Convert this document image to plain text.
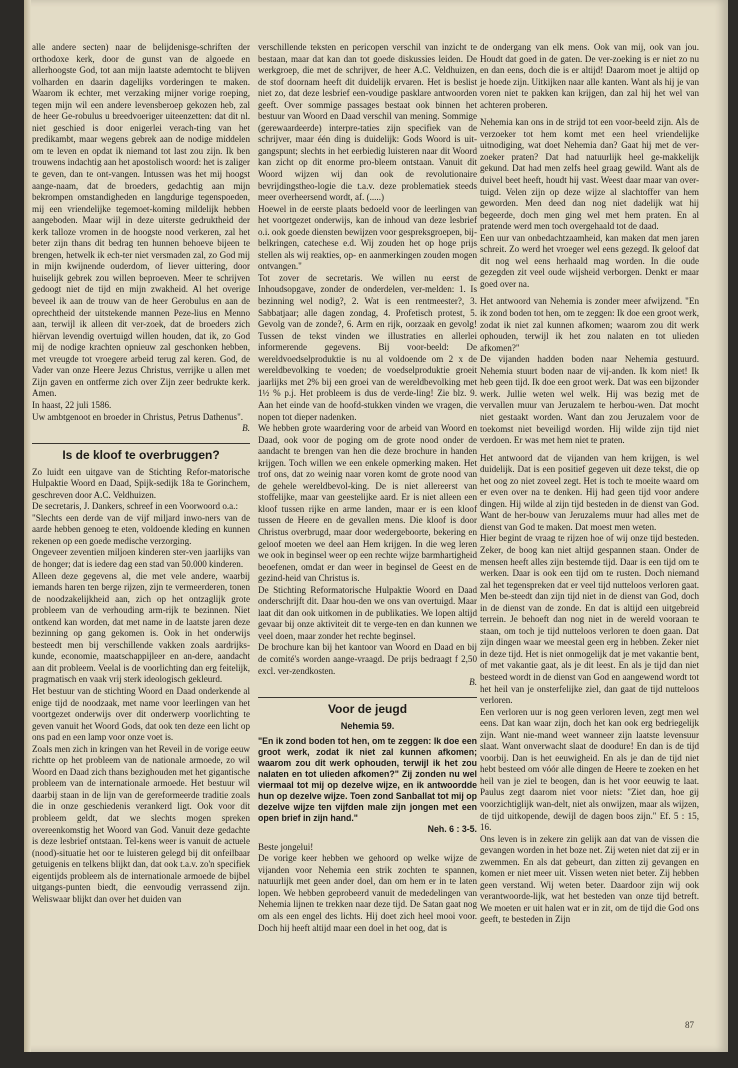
alle andere secten) naar de belijdenisge-schriften der orthodoxe kerk, door de gunst van de algoede en allerhoogste God, tot aan mijn laatste ademtocht te blijven volharden en daarin dagelijks vorderingen te maken. Waarom ik echter, met verzaking mijner vorige roeping, tegen mijn wil een andere levensberoep gekozen heb, zal de heer Ge-robulus u breedvoeriger uiteenzetten: dat dit nl. niet geschied is door enigerlei verach-ting van het predikambt, maar wegens gebrek aan de nodige middelen om te leven en opdat ik niemand tot last zou zijn. Ik ben trouwens indachtig aan het apostolisch woord: het is zaliger te geven, dan te ont-vangen. Intussen was het mij hoogst aange-naam, dat de broeders, gedachtig aan mijn bekrompen omstandigheden en langdurige tegenspoeden, mij een vriendelijke tegemoet-koming mildelijk hebben aangeboden. Maar wijl in deze uiterste gedruktheid der kerk talloze vromen in de hoogste nood verkeren, zal het beter zijn thans dit bedrag ten hunnen behoeve bijeen te brengen, hetwelk ik ech-ter niet versmaden zal, zo God mij in mijn kwijnende ouderdom, of liever uittering, door huiselijk gebrek zou willen beproeven. Meer te schrijven gedoogt niet de tijd en mijn zwakheid. Al het overige beveel ik aan de trouw van de heer Gerobulus en aan de oprechtheid der uitstekende mannen Peze-lius en Menno aan, terwijl ik alleen dit ver-zoek, dat de broeders zich hiërvan levendig overtuigd willen houden, dat ik, zo God mij de nodige krachten opnieuw zal geschonken hebben, met vreugde tot vroegere arbeid terug zal keren. God, de Vader van onze Heere Jezus Christus, verrijke u allen met Zijn gaven en ontferme zich over Zijn zeer bedrukte kerk. Amen.

In haast, 22 juli 1586.

Uw ambtgenoot en broeder in Christus, Petrus Dathenus".

B.

Is de kloof te overbruggen?

Zo luidt een uitgave van de Stichting Refor-matorische Hulpaktie Woord en Daad, Spijk-sedijk 18a te Gorinchem, geschreven door A.C. Veldhuizen.

De secretaris, J. Dankers, schreef in een Voorwoord o.a.:

"Slechts een derde van de vijf miljard inwo-ners van de aarde hebben genoeg te eten, voldoende kleding en kunnen rekenen op een goede medische verzorging.

Ongeveer zeventien miljoen kinderen ster-ven jaarlijks van de honger; dat is iedere dag een stad van 50.000 kinderen.

Alleen deze gegevens al, die met vele andere, waarbij iemands haren ten berge rijzen, zijn te vermeerderen, tonen de noodzakelijkheid aan, zich op het ontzaglijk grote probleem van de verhouding arm-rijk te bezinnen. Niet ontkend kan worden, dat met name in de laatste jaren deze bezinning op gang gekomen is. Ook in het onderwijs besteedt men bij verschillende vakken zoals aardrijks-kunde, economie, maatschappijleer en an-dere, aandacht aan dit probleem. Veelal is de voorlichting dan erg feitelijk, pragmatisch en vaak vrij sterk ideologisch gekleurd.

Het bestuur van de stichting Woord en Daad onderkende al enige tijd de noodzaak, met name voor leerlingen van het voortgezet onderwijs over dit onderwerp voorlichting te geven vanuit het Woord Gods, dat ook ten deze een licht op ons pad en een lamp voor onze voet is.

Zoals men zich in kringen van het Reveil in de vorige eeuw richtte op het probleem van de nationale armoede, zo wil Woord en Daad zich thans bezighouden met het gigantische probleem van de internationale armoede. Het bestuur wil daarbij staan in de lijn van de gereformeerde traditie zoals die in onze geschiedenis verankerd ligt. Ook voor dit probleem geldt, dat we slechts mogen spreken overeenkomstig het Woord van God. Vanuit deze gedachte is deze lesbrief ontstaan. Tel-kens weer is vanuit de actuele (nood)-situatie het oor te luisteren gelegd bij dit onfeilbaar getuigenis en telkens blijkt dan, dat ook t.a.v. zo'n specifiek eigentijds probleem als de internationale armoede de bijbel uitgangs-punten biedt, die eenvoudig verrassend zijn. Weliswaar blijkt dan over het duiden van

verschillende teksten en pericopen verschil van inzicht te bestaan, maar dat kan dan tot goede diskussies leiden. De werkgroep, die met de schrijver, de heer A.C. Veldhuizen, de stof doornam heeft dit duidelijk ervaren. Het is beslist niet zo, dat deze lesbrief een-voudige pasklare antwoorden geeft. Over sommige passages bestaat ook binnen het bestuur van Woord en Daad verschil van mening. Sommige (gerewaardeerde) interpre-taties zijn specifiek van de schrijver, maar één ding is duidelijk: Gods Woord is uit-gangspunt; slechts in het eerbiedig luisteren naar dit Woord kan zicht op dit enorme pro-bleem ontstaan. Vanuit dit Woord wijzen wij dan ook de revolutionaire bevrijdingstheo-logie die t.a.v. deze problematiek steeds meer overheersend wordt, af. (.....)

Hoewel in de eerste plaats bedoeld voor de leerlingen van het voortgezet onderwijs, kan de inhoud van deze lesbrief o.i. ook goede diensten bewijzen voor gespreksgroepen, bij-belkringen, catechese e.d. Wij zouden het op hoge prijs stellen als wij reakties, op- en aanmerkingen zouden mogen ontvangen."

Tot zover de secretaris. We willen nu eerst de Inhoudsopgave, zonder de onderdelen, ver-melden: 1. Is bezinning wel nodig?, 2. Wat is een rentmeester?, 3. Sabbatjaar; alle dagen zondag, 4. Profetisch protest, 5. Gevolg van de zonde?, 6. Arm en rijk, oorzaak en gevolg! Tussen de tekst vinden we illustraties en allerlei informerende gegevens. Bij voor-beeld: De wereldvoedselproduktie is nu al voldoende om 2 x de wereldbevolking te voeden; de voedselproduktie groeit jaarlijks met 2% bij een groei van de wereldbevolking met 1½ % p.j. Het probleem is dus de verde-ling! Zie blz. 9. Aan het einde van de hoofd-stukken vinden we vragen, die nopen tot dieper nadenken.

We hebben grote waardering voor de arbeid van Woord en Daad, ook voor de poging om de grote nood onder de aandacht te brengen van hen die deze brochure in handen krijgen. Toch willen we een enkele opmerking maken. Het trof ons, dat zo weinig naar voren komt de grote nood van de gehele wereldbevol-king. De is niet allereerst van stoffelijke, maar van geestelijke aard. Er is niet alleen een kloof tussen rijke en arme landen, maar er is een kloof tussen de Heere en de gevallen mens. Die kloof is door Christus overbrugd, maar door wedergeboorte, bekering en geloof moeten we deel aan Hem krijgen. In die weg leren we ook in beginsel weer op een rechte wijze barmhartigheid beoefenen, omdat er dan weer in beginsel de Geest en de gezind-heid van Christus is.

De Stichting Reformatorische Hulpaktie Woord en Daad onderschrijft dit. Daar hou-den we ons van overtuigd. Maar laat dit dan ook uitkomen in de publikaties. We lopen altijd gevaar bij onze aktiviteit dit te verge-ten en dan kunnen we veel doen, maar zonder het rechte beginsel.

De brochure kan bij het kantoor van Woord en Daad en bij de comité's worden aange-vraagd. De prijs bedraagt f 2,50 excl. ver-zendkosten.

B.

Voor de jeugd
Nehemia 59.

"En ik zond boden tot hen, om te zeggen: Ik doe een groot werk, zodat ik niet zal kunnen afkomen; waarom zou dit werk ophouden, terwijl ik het zou nalaten en tot ulieden afkomen?" Zij zonden nu wel viermaal tot mij op dezelve wijze, en ik antwoordde hun op dezelve wijze. Toen zond Sanballat tot mij op dezelve wijze ten vijfden male zijn jongen met een open brief in zijn hand."

Neh. 6 : 3-5.

Beste jongelui!

De vorige keer hebben we gehoord op welke wijze de vijanden voor Nehemia een strik zochten te spannen, natuurlijk met geen ander doel, dan om hem er in te laten lopen. We hebben geprobeerd vanuit de mededelingen van Nehemia lijnen te trekken naar deze tijd. De Satan gaat nog om als een engel des lichts. Hij doet zich heel mooi voor. Doch hij heeft altijd maar een doel in het oog, dat is

de ondergang van elk mens. Ook van mij, ook van jou. Houdt dat goed in de gaten. De ver-zoeking is er niet zo nu en dan eens, doch die is er altijd! Daarom moet je altijd op je hoede zijn. Uitkijken naar alle kanten. Want als hij je van voren niet te pakken kan krijgen, dan zal hij het wel van achteren proberen.

Nehemia kan ons in de strijd tot een voor-beeld zijn. Als de verzoeker tot hem komt met een heel vriendelijke uitnodiging, wat doet Nehemia dan? Gaat hij met de ver-zoeker praten? Dat had natuurlijk heel ge-makkelijk gekund. Dat had men zelfs heel graag gewild. Want als de duivel beet heeft, houdt hij vast. Weest daar maar van over-tuigd. Velen zijn op deze wijze al slachtoffer van hem geworden. Men deed dan nog niet dadelijk wat hij begeerde, doch men ging wel met hem praten. En al pratende werd men toch overgehaald tot de daad.

Een uur van onbedachtzaamheid, kan maken dat men jaren schreit. Zo werd het vroeger wel eens gezegd. Ik geloof dat dit nog wel eens herhaald mag worden. In die oude gezegden zit veel oude wijsheid verborgen. Denkt er maar goed over na.

Het antwoord van Nehemia is zonder meer afwijzend. "En ik zond boden tot hen, om te zeggen: Ik doe een groot werk, zodat ik niet zal kunnen afkomen; waarom zou dit werk ophouden, terwijl ik het zou nalaten en tot ulieden afkomen?"

De vijanden hadden boden naar Nehemia gestuurd. Nehemia stuurt boden naar de vij-anden. Ik kom niet! Ik heb geen tijd. Ik doe een groot werk. Dat was een bijzonder werk. Jullie weten wel welk. Hij was bezig met de vervallen muur van Jeruzalem te herbou-wen. Dat mocht niet gestaakt worden. Want dan zou Jeruzalem voor de toekomst niet beveiligd worden. Hij wilde zijn tijd niet verdoen. Er was met hem niet te praten.

Het antwoord dat de vijanden van hem krijgen, is wel duidelijk. Dat is een positief gegeven uit deze tekst, die op het oog zo niet zoveel zegt. Het is toch te moeite waard om er even over na te denken. Hij had geen tijd voor andere dingen. Hij wilde al zijn tijd besteden in de dienst van God. Want de her-bouw van Jeruzalems muur had alles met de dienst van God te maken. Dat moest men weten.

Hier begint de vraag te rijzen hoe of wij onze tijd besteden. Zeker, de boog kan niet altijd gespannen staan. Onder de mensen heeft alles zijn bestemde tijd. Daar is een tijd om te werken. Daar is ook een tijd om te rusten. Doch niemand zal het tegenspreken dat er veel tijd nutteloos verloren gaat. Men be-steedt dan zijn tijd niet in de dienst van God, doch in de dienst van de zonde. En dat is altijd een uitgebreid terrein. Je behoeft dan nog niet in de wereld vooraan te staan, om toch je tijd nutteloos verloren te doen gaan. Dat zijn dingen waar we meestal geen erg in hebben. Zeker niet in deze tijd. Het is niet onmogelijk dat je met vakantie bent, of met vakantie gaat, als je dit leest. En als je tijd dan niet besteed wordt in de dienst van God en aangewend wordt tot het heil van je onsterfelijke ziel, dan gaat de tijd nutteloos verloren.

Een verloren uur is nog geen verloren leven, zegt men wel eens. Dat kan waar zijn, doch het kan ook erg bedriegelijk zijn. Want nie-mand weet wanneer zijn laatste levensuur slaat. Want onverwacht slaat de doodure! En dan is de tijd voorbij. Dan is het eeuwigheid. En als je dan de tijd niet hebt besteed om vóór alle dingen de Heere te zoeken en het heil van je ziel te beogen, dan is het voor eeuwig te laat. Paulus zegt daarom niet voor niets: "Ziet dan, hoe gij voorzichtiglijk wan-delt, niet als onwijzen, maar als wijzen, de tijd uitkopende, dewijl de dagen boos zijn." Ef. 5 : 15, 16.

Ons leven is in zekere zin gelijk aan dat van de vissen die gevangen worden in het boze net. Zij weten niet dat zij er in zwemmen. En als dat gebeurt, dan zitten zij gevangen en komen er niet meer uit. Vissen weten niet beter. Zij hebben geen verstand. Wij weten beter. Daardoor zijn wij ook verantwoorde-lijk, wat het besteden van onze tijd betreft. We moeten er uit halen wat er in zit, om de tijd die God ons geeft, te besteden in Zijn

87
